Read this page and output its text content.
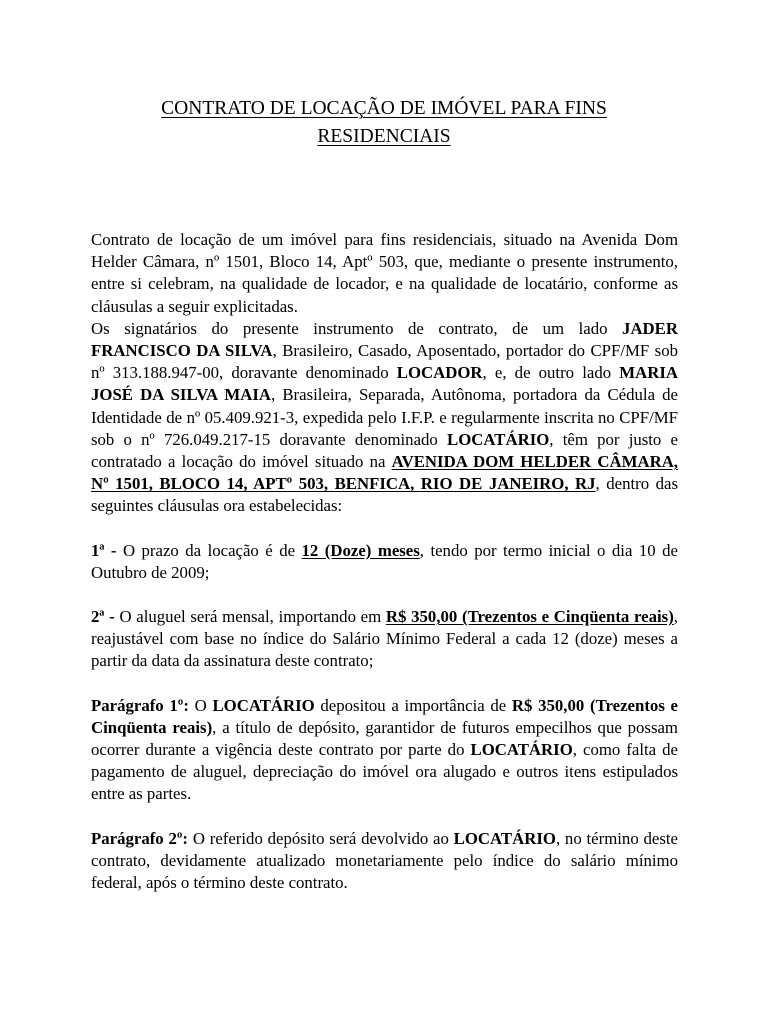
CONTRATO DE LOCAÇÃO DE IMÓVEL PARA FINS
RESIDENCIAIS

Contrato de locação de um imóvel para fins residenciais, situado na Avenida Dom Helder Câmara, nº 1501, Bloco 14, Aptº 503, que, mediante o presente instrumento, entre si celebram, na qualidade de locador, e na qualidade de locatário, conforme as cláusulas a seguir explicitadas.

Os signatários do presente instrumento de contrato, de um lado JADER FRANCISCO DA SILVA, Brasileiro, Casado, Aposentado, portador do CPF/MF sob nº 313.188.947-00, doravante denominado LOCADOR, e, de outro lado MARIA JOSÉ DA SILVA MAIA, Brasileira, Separada, Autônoma, portadora da Cédula de Identidade de nº 05.409.921-3, expedida pelo I.F.P. e regularmente inscrita no CPF/MF sob o nº 726.049.217-15 doravante denominado LOCATÁRIO, têm por justo e contratado a locação do imóvel situado na AVENIDA DOM HELDER CÂMARA, Nº 1501, BLOCO 14, APTº 503, BENFICA, RIO DE JANEIRO, RJ, dentro das seguintes cláusulas ora estabelecidas:

1ª - O prazo da locação é de 12 (Doze) meses, tendo por termo inicial o dia 10 de Outubro de 2009;

2ª - O aluguel será mensal, importando em R$ 350,00 (Trezentos e Cinqüenta reais), reajustável com base no índice do Salário Mínimo Federal a cada 12 (doze) meses a partir da data da assinatura deste contrato;

Parágrafo 1º: O LOCATÁRIO depositou a importância de R$ 350,00 (Trezentos e Cinqüenta reais), a título de depósito, garantidor de futuros empecilhos que possam ocorrer durante a vigência deste contrato por parte do LOCATÁRIO, como falta de pagamento de aluguel, depreciação do imóvel ora alugado e outros itens estipulados entre as partes.

Parágrafo 2º: O referido depósito será devolvido ao LOCATÁRIO, no término deste contrato, devidamente atualizado monetariamente pelo índice do salário mínimo federal, após o término deste contrato.
